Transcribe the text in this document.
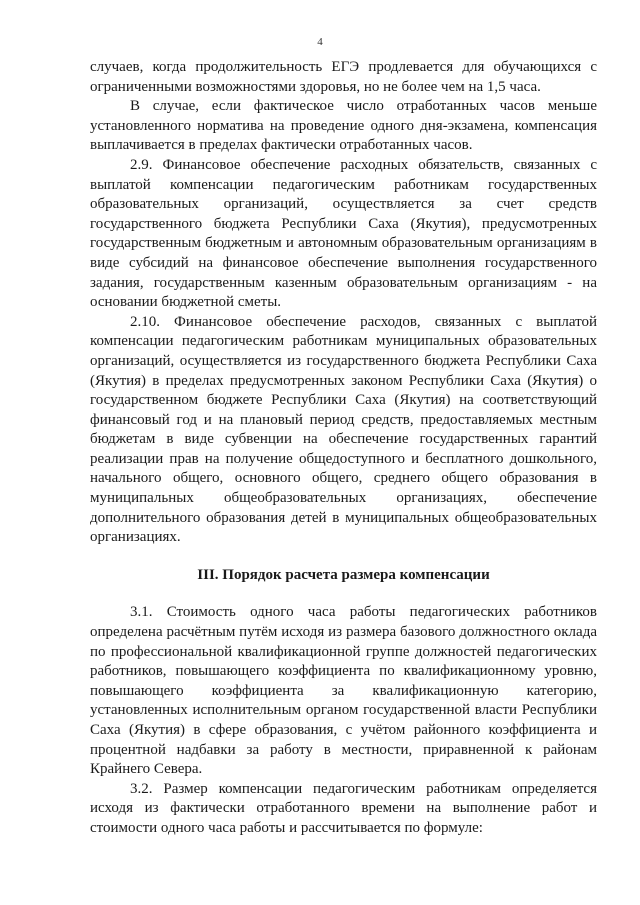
4

случаев, когда продолжительность ЕГЭ продлевается для обучающихся с ограниченными возможностями здоровья, но не более чем на 1,5 часа.

В случае, если фактическое число отработанных часов меньше установленного норматива на проведение одного дня-экзамена, компенсация выплачивается в пределах фактически отработанных часов.

2.9. Финансовое обеспечение расходных обязательств, связанных с выплатой компенсации педагогическим работникам государственных образовательных организаций, осуществляется за счет средств государственного бюджета Республики Саха (Якутия), предусмотренных государственным бюджетным и автономным образовательным организациям в виде субсидий на финансовое обеспечение выполнения государственного задания, государственным казенным образовательным организациям - на основании бюджетной сметы.

2.10. Финансовое обеспечение расходов, связанных с выплатой компенсации педагогическим работникам муниципальных образовательных организаций, осуществляется из государственного бюджета Республики Саха (Якутия) в пределах предусмотренных законом Республики Саха (Якутия) о государственном бюджете Республики Саха (Якутия) на соответствующий финансовый год и на плановый период средств, предоставляемых местным бюджетам в виде субвенции на обеспечение государственных гарантий реализации прав на получение общедоступного и бесплатного дошкольного, начального общего, основного общего, среднего общего образования в муниципальных общеобразовательных организациях, обеспечение дополнительного образования детей в муниципальных общеобразовательных организациях.

III. Порядок расчета размера компенсации

3.1. Стоимость одного часа работы педагогических работников определена расчётным путём исходя из размера базового должностного оклада по профессиональной квалификационной группе должностей педагогических работников, повышающего коэффициента по квалификационному уровню, повышающего коэффициента за квалификационную категорию, установленных исполнительным органом государственной власти Республики Саха (Якутия) в сфере образования, с учётом районного коэффициента и процентной надбавки за работу в местности, приравненной к районам Крайнего Севера.

3.2. Размер компенсации педагогическим работникам определяется исходя из фактически отработанного времени на выполнение работ и стоимости одного часа работы и рассчитывается по формуле:
